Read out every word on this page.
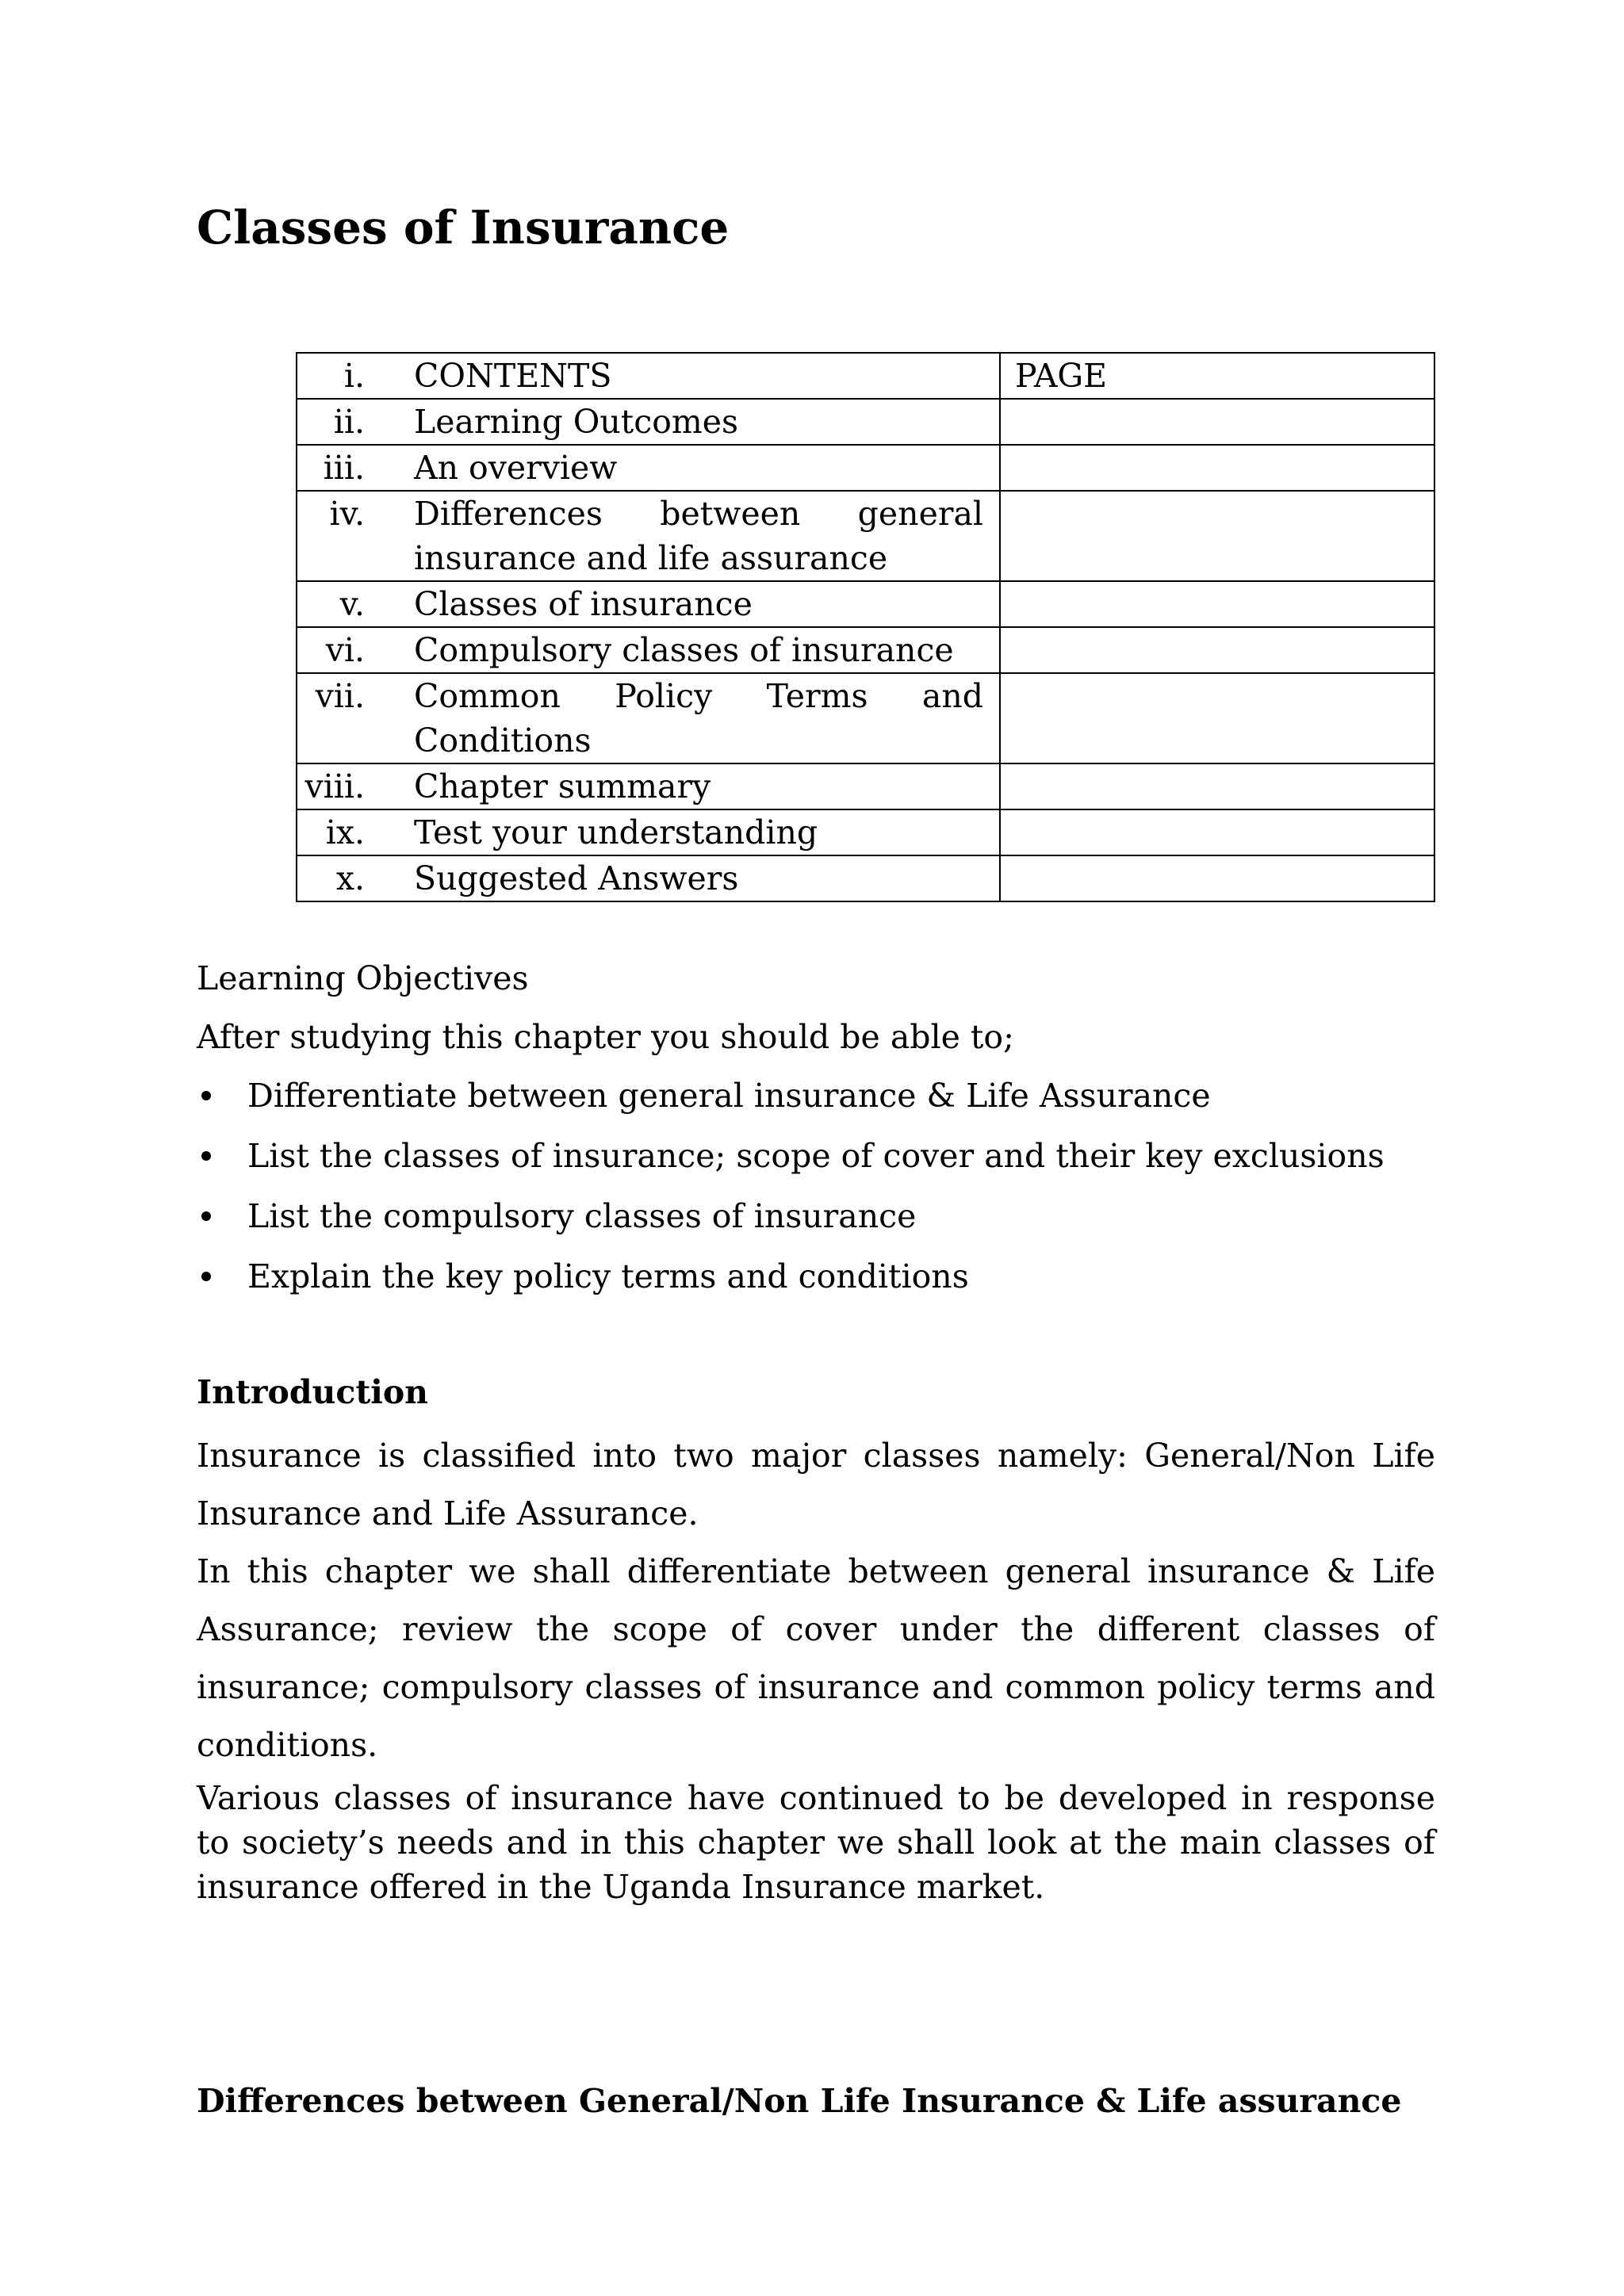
Classes of Insurance
i.	CONTENTS	PAGE
ii.	Learning Outcomes	
iii.	An overview	
iv.	Differences between general insurance and life assurance	
v.	Classes of insurance	
vi.	Compulsory classes of insurance	
vii.	Common Policy Terms and Conditions	
viii.	Chapter summary	
ix.	Test your understanding	
x.	Suggested Answers	

Learning Objectives

After studying this chapter you should be able to;

Differentiate between general insurance & Life Assurance
List the classes of insurance; scope of cover and their key exclusions
List the compulsory classes of insurance
Explain the key policy terms and conditions
Introduction

Insurance is classified into two major classes namely: General/Non Life Insurance and Life Assurance.

In this chapter we shall differentiate between general insurance & Life Assurance; review the scope of cover under the different classes of insurance; compulsory classes of insurance and common policy terms and conditions.

Various classes of insurance have continued to be developed in response to society’s needs and in this chapter we shall look at the main classes of insurance offered in the Uganda Insurance market.

Differences between General/Non Life Insurance & Life assurance
